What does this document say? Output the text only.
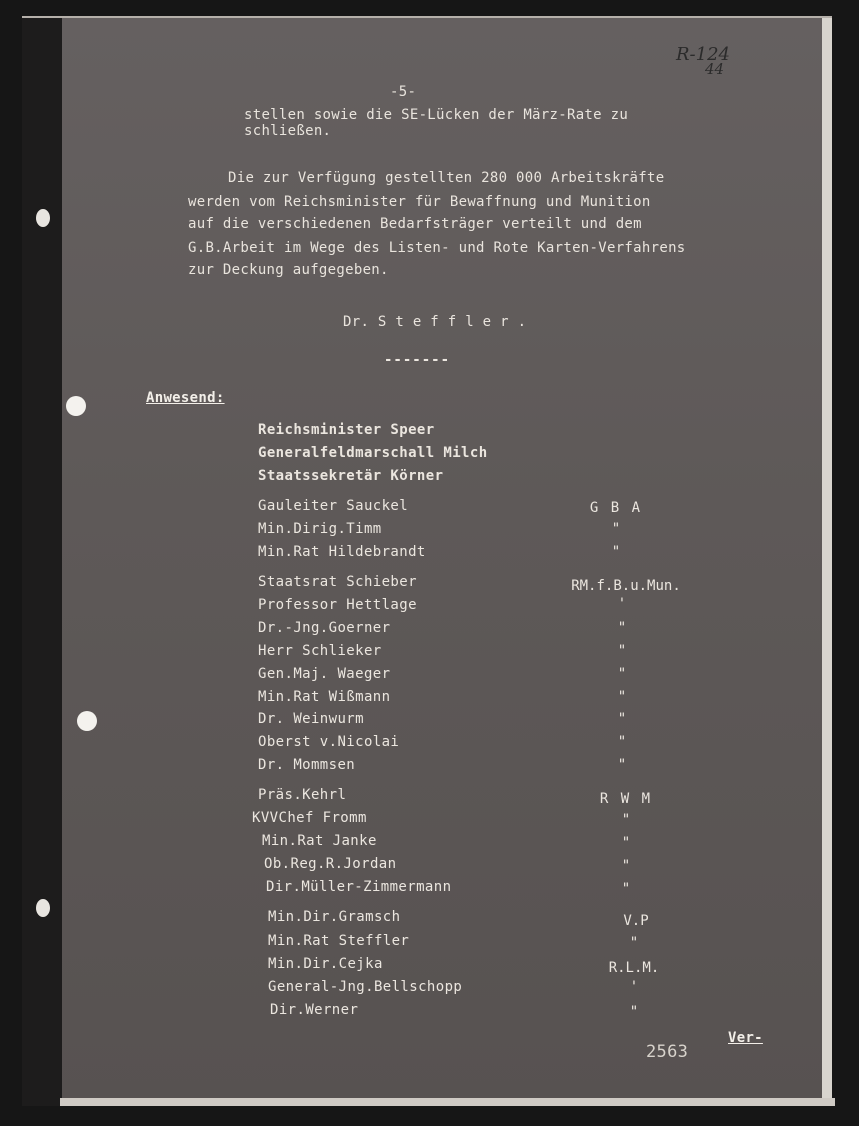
R-124
44
-5-
stellen sowie die SE-Lücken der März-Rate zu
schließen.
Die zur Verfügung gestellten 280 000 Arbeitskräfte
werden vom Reichsminister für Bewaffnung und Munition
auf die verschiedenen Bedarfsträger verteilt und dem
G.B.Arbeit im Wege des Listen- und Rote Karten-Verfahrens
zur Deckung aufgegeben.
Dr. S t e f f l e r .
-------
Anwesend:
Reichsminister Speer
Generalfeldmarschall Milch
Staatssekretär Körner
Gauleiter Sauckel	G B A
Min.Dirig.Timm	"
Min.Rat Hildebrandt	"
Staatsrat Schieber	RM.f.B.u.Mun.
Professor Hettlage	'
Dr.-Jng.Goerner	"
Herr Schlieker	"
Gen.Maj. Waeger	"
Min.Rat Wißmann	"
Dr. Weinwurm	"
Oberst v.Nicolai	"
Dr. Mommsen	"
Präs.Kehrl	R W M
KVVChef Fromm	"
Min.Rat Janke	"
Ob.Reg.R.Jordan	"
Dir.Müller-Zimmermann	"
Min.Dir.Gramsch	V.P
Min.Rat Steffler	"
Min.Dir.Cejka	R.L.M.
General-Jng.Bellschopp	'
Dir.Werner	"
2563
Ver-
